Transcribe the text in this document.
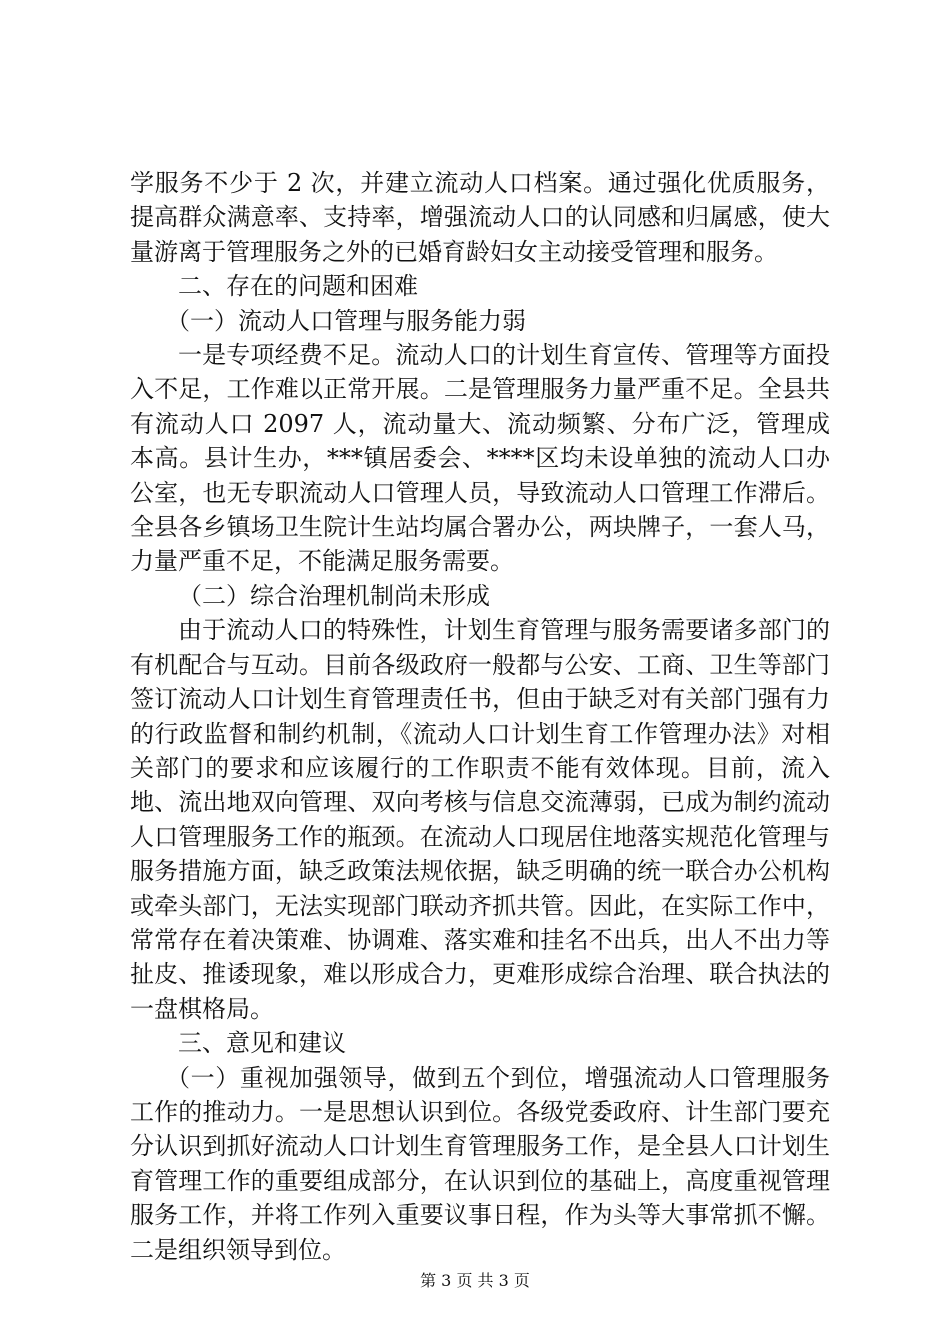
学服务不少于 2 次，并建立流动人口档案。通过强化优质服务，提高群众满意率、支持率，增强流动人口的认同感和归属感，使大量游离于管理服务之外的已婚育龄妇女主动接受管理和服务。

二、存在的问题和困难

（一）流动人口管理与服务能力弱

一是专项经费不足。流动人口的计划生育宣传、管理等方面投入不足，工作难以正常开展。二是管理服务力量严重不足。全县共有流动人口 2097 人，流动量大、流动频繁、分布广泛，管理成本高。县计生办，***镇居委会、****区均未设单独的流动人口办公室，也无专职流动人口管理人员，导致流动人口管理工作滞后。全县各乡镇场卫生院计生站均属合署办公，两块牌子，一套人马，力量严重不足，不能满足服务需要。

（二）综合治理机制尚未形成

由于流动人口的特殊性，计划生育管理与服务需要诸多部门的有机配合与互动。目前各级政府一般都与公安、工商、卫生等部门签订流动人口计划生育管理责任书，但由于缺乏对有关部门强有力的行政监督和制约机制，《流动人口计划生育工作管理办法》对相关部门的要求和应该履行的工作职责不能有效体现。目前，流入地、流出地双向管理、双向考核与信息交流薄弱，已成为制约流动人口管理服务工作的瓶颈。在流动人口现居住地落实规范化管理与服务措施方面，缺乏政策法规依据，缺乏明确的统一联合办公机构或牵头部门，无法实现部门联动齐抓共管。因此，在实际工作中，常常存在着决策难、协调难、落实难和挂名不出兵，出人不出力等扯皮、推诿现象，难以形成合力，更难形成综合治理、联合执法的一盘棋格局。

三、意见和建议

（一）重视加强领导，做到五个到位，增强流动人口管理服务工作的推动力。一是思想认识到位。各级党委政府、计生部门要充分认识到抓好流动人口计划生育管理服务工作，是全县人口计划生育管理工作的重要组成部分，在认识到位的基础上，高度重视管理服务工作，并将工作列入重要议事日程，作为头等大事常抓不懈。二是组织领导到位。

第 3 页 共 3 页
